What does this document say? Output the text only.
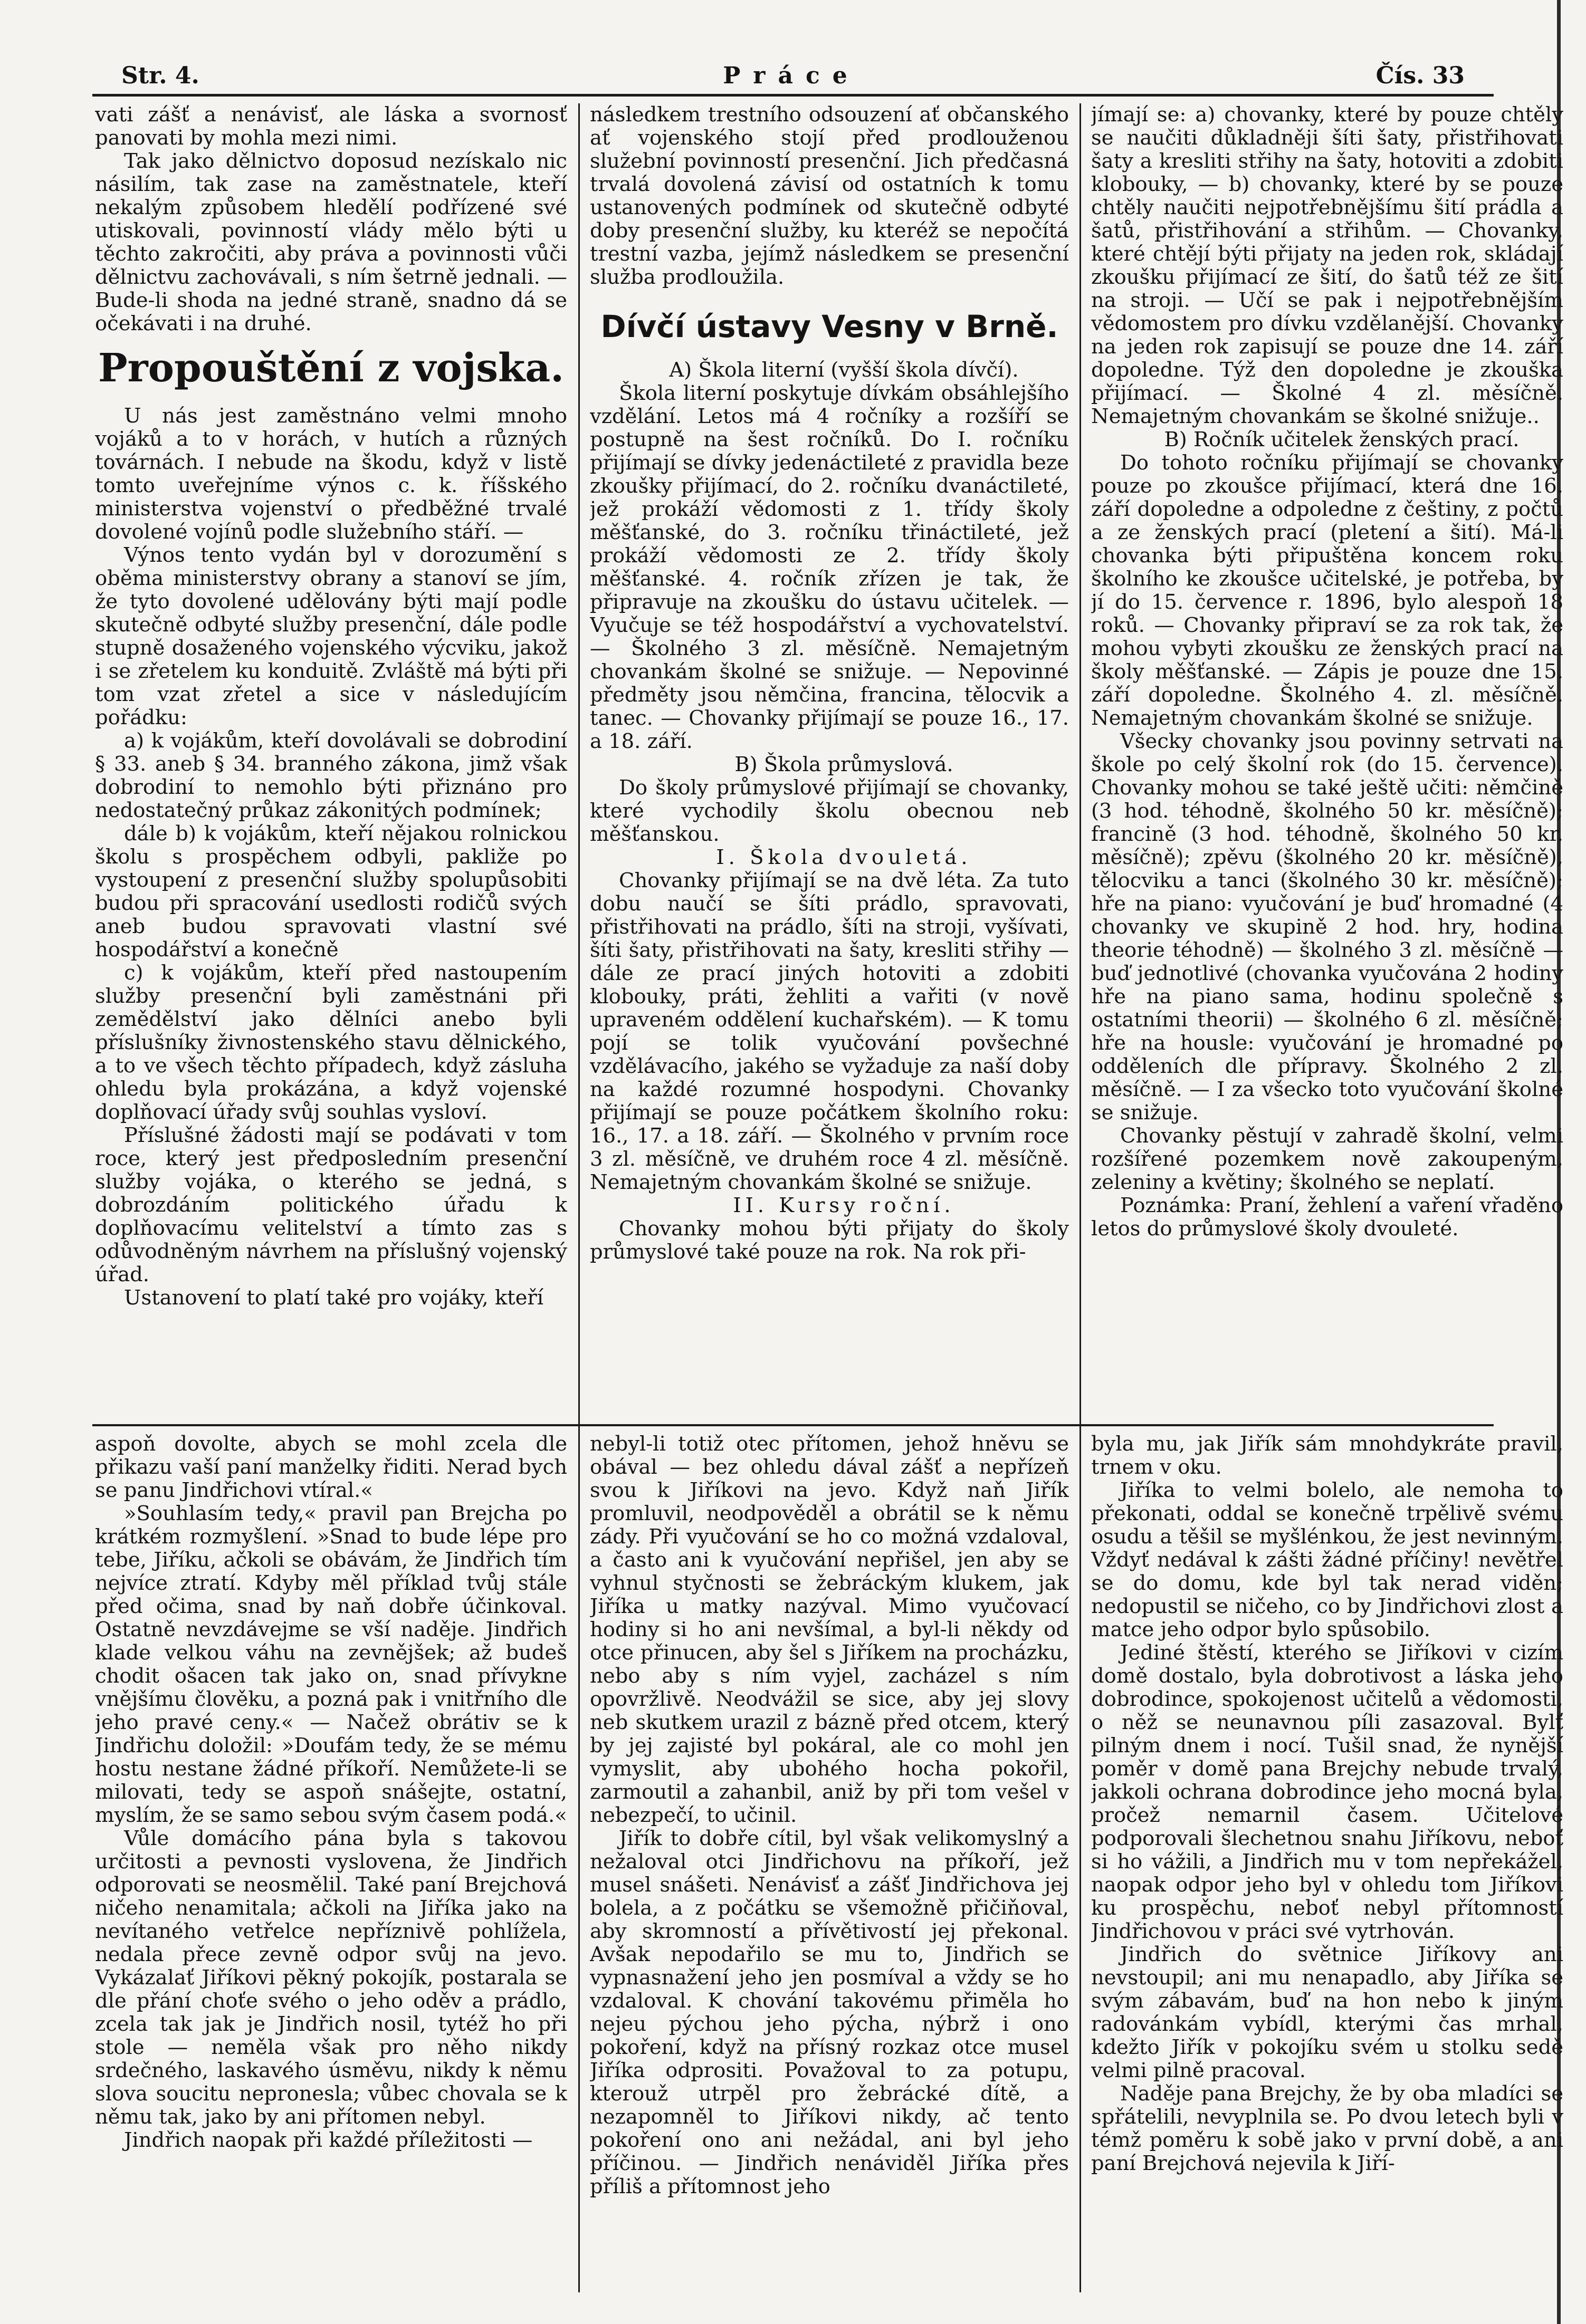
Str. 4.	Práce	Čís. 33

vati zášť a nenávisť, ale láska a svornosť panovati by mohla mezi nimi.

Tak jako dělnictvo doposud nezískalo nic násilím, tak zase na zaměstnatele, kteří nekalým způsobem hledělí podřízené své utiskovali, povinností vlády mělo býti u těchto zakročiti, aby práva a povinnosti vůči dělnictvu zachovávali, s ním šetrně jednali. — Bude-li shoda na jedné straně, snadno dá se očekávati i na druhé.

Propouštění z vojska.

U nás jest zaměstnáno velmi mnoho vojáků a to v horách, v hutích a různých továrnách. I nebude na škodu, když v listě tomto uveřejníme výnos c. k. říšského ministerstva vojenství o předběžné trvalé dovolené vojínů podle služebního stáří. —

Výnos tento vydán byl v dorozumění s oběma ministerstvy obrany a stanoví se jím, že tyto dovolené udělovány býti mají podle skutečně odbyté služby presenční, dále podle stupně dosaženého vojenského výcviku, jakož i se zřetelem ku konduitě. Zvláště má býti při tom vzat zřetel a sice v následujícím pořádku:

a) k vojákům, kteří dovolávali se dobrodiní § 33. aneb § 34. branného zákona, jimž však dobrodiní to nemohlo býti přiznáno pro nedostatečný průkaz zákonitých podmínek;

dále b) k vojákům, kteří nějakou rolnickou školu s prospěchem odbyli, pakliže po vystoupení z presenční služby spolupůsobiti budou při spracování usedlosti rodičů svých aneb budou spravovati vlastní své hospodářství a konečně

c) k vojákům, kteří před nastoupením služby presenční byli zaměstnáni při zemědělství jako dělníci anebo byli příslušníky živnostenského stavu dělnického, a to ve všech těchto případech, když zásluha ohledu byla prokázána, a když vojenské doplňovací úřady svůj souhlas vysloví.

Příslušné žádosti mají se podávati v tom roce, který jest předposledním presenční služby vojáka, o kterého se jedná, s dobrozdáním politického úřadu k doplňovacímu velitelství a tímto zas s odůvodněným návrhem na příslušný vojenský úřad.

Ustanovení to platí také pro vojáky, kteří

následkem trestního odsouzení ať občanského ať vojenského stojí před prodlouženou služební povinností presenční. Jich předčasná trvalá dovolená závisí od ostatních k tomu ustanovených podmínek od skutečně odbyté doby presenční služby, ku kteréž se nepočítá trestní vazba, jejímž následkem se presenční služba prodloužila.

Dívčí ústavy Vesny v Brně.

A) Škola literní (vyšší škola dívčí).

Škola literní poskytuje dívkám obsáhlejšího vzdělání. Letos má 4 ročníky a rozšíří se postupně na šest ročníků. Do I. ročníku přijímají se dívky jedenáctileté z pravidla beze zkoušky přijímací, do 2. ročníku dvanáctileté, jež prokáží vědomosti z 1. třídy školy měšťanské, do 3. ročníku třináctileté, jež prokáží vědomosti ze 2. třídy školy měšťanské. 4. ročník zřízen je tak, že připravuje na zkoušku do ústavu učitelek. — Vyučuje se též hospodářství a vychovatelství. — Školného 3 zl. měsíčně. Nemajetným chovankám školné se snižuje. — Nepovinné předměty jsou němčina, francina, tělocvik a tanec. — Chovanky přijímají se pouze 16., 17. a 18. září.

B) Škola průmyslová.

Do školy průmyslové přijímají se chovanky, které vychodily školu obecnou neb měšťanskou.

I. Škola dvouletá.

Chovanky přijímají se na dvě léta. Za tuto dobu naučí se šíti prádlo, spravovati, přistřihovati na prádlo, šíti na stroji, vyšívati, šíti šaty, přistřihovati na šaty, kresliti střihy — dále ze prací jiných hotoviti a zdobiti klobouky, práti, žehliti a vařiti (v nově upraveném oddělení kuchařském). — K tomu pojí se tolik vyučování povšechné vzdělávacího, jakého se vyžaduje za naší doby na každé rozumné hospodyni. Chovanky přijímají se pouze počátkem školního roku: 16., 17. a 18. září. — Školného v prvním roce 3 zl. měsíčně, ve druhém roce 4 zl. měsíčně. Nemajetným chovankám školné se snižuje.

II. Kursy roční.

Chovanky mohou býti přijaty do školy průmyslové také pouze na rok. Na rok při-

jímají se: a) chovanky, které by pouze chtěly se naučiti důkladněji šíti šaty, přistřihovati šaty a kresliti střihy na šaty, hotoviti a zdobiti klobouky, — b) chovanky, které by se pouze chtěly naučiti nejpotřebnějšímu šití prádla a šatů, přistřihování a střihům. — Chovanky, které chtějí býti přijaty na jeden rok, skládají zkoušku přijímací ze šití, do šatů též ze šití na stroji. — Učí se pak i nejpotřebnějším vědomostem pro dívku vzdělanější. Chovanky na jeden rok zapisují se pouze dne 14. září dopoledne. Týž den dopoledne je zkouška přijímací. — Školné 4 zl. měsíčně. Nemajetným chovankám se školné snižuje..

B) Ročník učitelek ženských prací.

Do tohoto ročníku přijímají se chovanky pouze po zkoušce přijímací, která dne 16. září dopoledne a odpoledne z češtiny, z počtů a ze ženských prací (pletení a šití). Má-li chovanka býti připuštěna koncem roku školního ke zkoušce učitelské, je potřeba, by jí do 15. července r. 1896, bylo alespoň 18 roků. — Chovanky připraví se za rok tak, že mohou vybyti zkoušku ze ženských prací na školy měšťanské. — Zápis je pouze dne 15. září dopoledne. Školného 4. zl. měsíčně. Nemajetným chovankám školné se snižuje.

Všecky chovanky jsou povinny setrvati na škole po celý školní rok (do 15. července). Chovanky mohou se také ještě učiti: němčině (3 hod. téhodně, školného 50 kr. měsíčně); francině (3 hod. téhodně, školného 50 kr. měsíčně); zpěvu (školného 20 kr. měsíčně), tělocviku a tanci (školného 30 kr. měsíčně); hře na piano: vyučování je buď hromadné (4 chovanky ve skupině 2 hod. hry, hodina theorie téhodně) — školného 3 zl. měsíčně — buď jednotlivé (chovanka vyučována 2 hodiny hře na piano sama, hodinu společně s ostatními theorii) — školného 6 zl. měsíčně; hře na housle: vyučování je hromadné po odděleních dle přípravy. Školného 2 zl. měsíčně. — I za všecko toto vyučování školné se snižuje.

Chovanky pěstují v zahradě školní, velmi rozšířené pozemkem nově zakoupeným, zeleniny a květiny; školného se neplatí.

Poznámka: Praní, žehlení a vaření vřaděno letos do průmyslové školy dvouleté.

aspoň dovolte, abych se mohl zcela dle přikazu vaší paní manželky řiditi. Nerad bych se panu Jindřichovi vtíral.«

»Souhlasím tedy,« pravil pan Brejcha po krátkém rozmyšlení. »Snad to bude lépe pro tebe, Jiříku, ačkoli se obávám, že Jindřich tím nejvíce ztratí. Kdyby měl příklad tvůj stále před očima, snad by naň dobře účinkoval. Ostatně nevzdávejme se vší naděje. Jindřich klade velkou váhu na zevnějšek; až budeš chodit ošacen tak jako on, snad přívykne vnějšímu člověku, a pozná pak i vnitřního dle jeho pravé ceny.« — Načež obrátiv se k Jindřichu doložil: »Doufám tedy, že se mému hostu nestane žádné příkoří. Nemůžete-li se milovati, tedy se aspoň snášejte, ostatní, myslím, že se samo sebou svým časem podá.«

Vůle domácího pána byla s takovou určitosti a pevnosti vyslovena, že Jindřich odporovati se neosmělil. Také paní Brejchová ničeho nenamitala; ačkoli na Jiříka jako na nevítaného vetřelce nepříznivě pohlížela, nedala přece zevně odpor svůj na jevo. Vykázalať Jiříkovi pěkný pokojík, postarala se dle přání choťe svého o jeho oděv a prádlo, zcela tak jak je Jindřich nosil, tytéž ho při stole — neměla však pro něho nikdy srdečného, laskavého úsměvu, nikdy k němu slova soucitu nepronesla; vůbec chovala se k němu tak, jako by ani přítomen nebyl.

Jindřich naopak při každé příležitosti —

nebyl-li totiž otec přítomen, jehož hněvu se obával — bez ohledu dával zášť a nepřízeň svou k Jiříkovi na jevo. Když naň Jiřík promluvil, neodpověděl a obrátil se k němu zády. Při vyučování se ho co možná vzdaloval, a často ani k vyučování nepřišel, jen aby se vyhnul styčnosti se žebráckým klukem, jak Jiříka u matky nazýval. Mimo vyučovací hodiny si ho ani nevšímal, a byl-li někdy od otce přinucen, aby šel s Jiříkem na procházku, nebo aby s ním vyjel, zacházel s ním opovržlivě. Neodvážil se sice, aby jej slovy neb skutkem urazil z bázně před otcem, který by jej zajisté byl pokáral, ale co mohl jen vymyslit, aby ubohého hocha pokořil, zarmoutil a zahanbil, aniž by při tom vešel v nebezpečí, to učinil.

Jiřík to dobře cítil, byl však velikomyslný a nežaloval otci Jindřichovu na příkoří, jež musel snášeti. Nenávisť a zášť Jindřichova jej bolela, a z počátku se všemožně přičiňoval, aby skromností a přívětivostí jej překonal. Avšak nepodařilo se mu to, Jindřich se vypnasnažení jeho jen posmíval a vždy se ho vzdaloval. K chování takovému přiměla ho nejeu pýchou jeho pýcha, nýbrž i ono pokoření, když na přísný rozkaz otce musel Jiříka odprositi. Považoval to za potupu, kterouž utrpěl pro žebrácké dítě, a nezapomněl to Jiříkovi nikdy, ač tento pokoření ono ani nežádal, ani byl jeho příčinou. — Jindřich nenáviděl Jiříka přes příliš a přítomnost jeho

byla mu, jak Jiřík sám mnohdykráte pravil, trnem v oku.

Jiříka to velmi bolelo, ale nemoha to překonati, oddal se konečně trpělivě svému osudu a těšil se myšlénkou, že jest nevinným. Vždyť nedával k zášti žádné příčiny! nevětřel se do domu, kde byl tak nerad viděn; nedopustil se ničeho, co by Jindřichovi zlost a matce jeho odpor bylo spůsobilo.

Jediné štěstí, kterého se Jiříkovi v cizím domě dostalo, byla dobrotivost a láska jeho dobrodince, spokojenost učitelů a vědomosti, o něž se neunavnou píli zasazoval. Bylť pilným dnem i nocí. Tušil snad, že nynější poměr v domě pana Brejchy nebude trvalý, jakkoli ochrana dobrodince jeho mocná byla, pročež nemarnil časem. Učitelové podporovali šlechetnou snahu Jiříkovu, neboť si ho vážili, a Jindřich mu v tom nepřekážel, naopak odpor jeho byl v ohledu tom Jiříkovi ku prospěchu, neboť nebyl přítomností Jindřichovou v práci své vytrhován.

Jindřich do světnice Jiříkovy ani nevstoupil; ani mu nenapadlo, aby Jiříka se svým zábavám, buď na hon nebo k jiným radovánkám vybídl, kterými čas mrhal, kdežto Jiřík v pokojíku svém u stolku sedě velmi pilně pracoval.

Naděje pana Brejchy, že by oba mladíci se spřátelili, nevyplnila se. Po dvou letech byli v témž poměru k sobě jako v první době, a ani paní Brejchová nejevila k Jiří-
